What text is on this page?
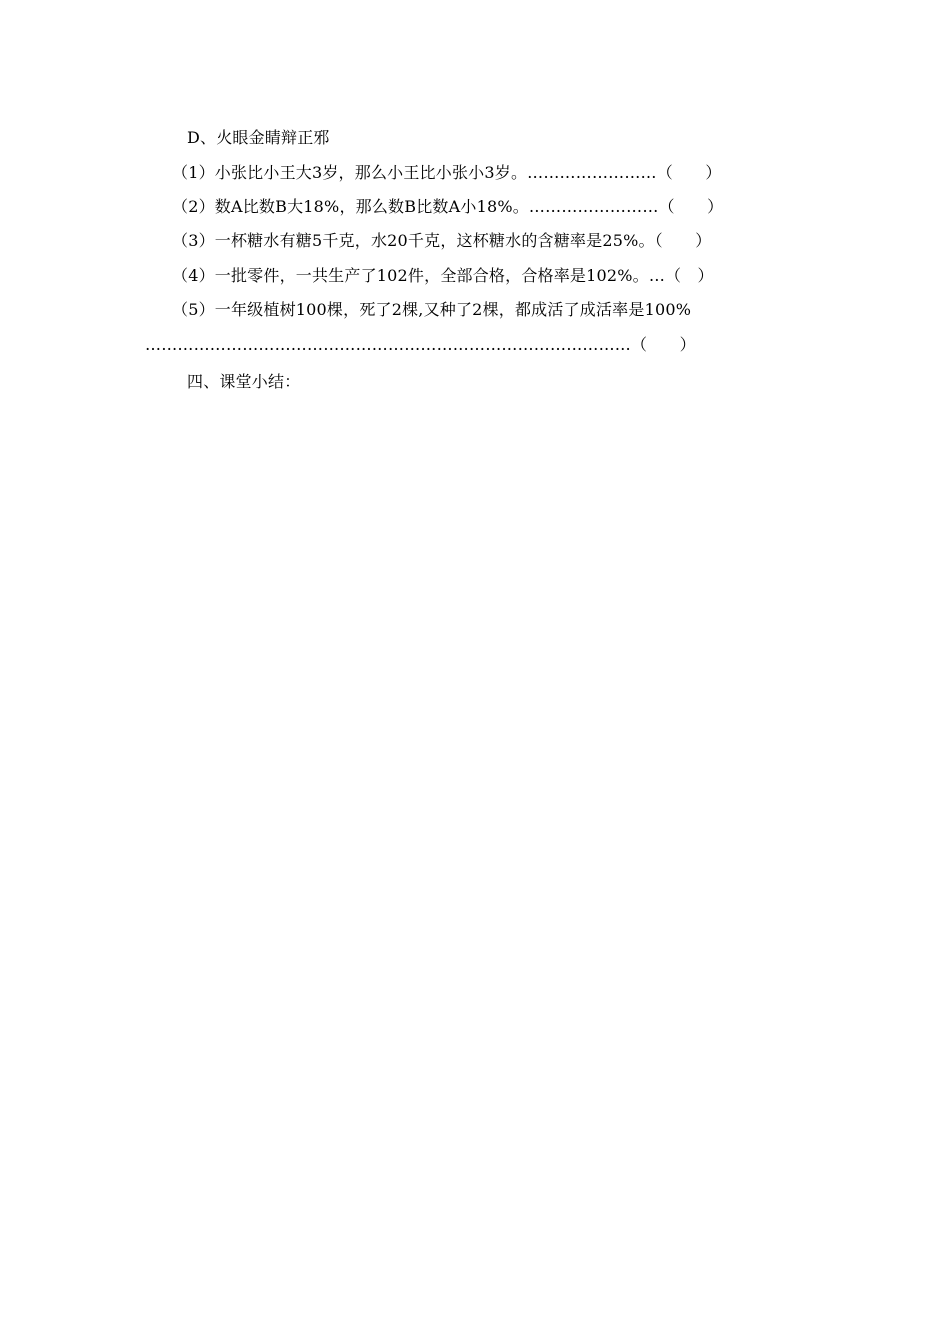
D、火眼金睛辩正邪
（1）小张比小王大3岁，那么小王比小张小3岁。……………………（　　）
（2）数A比数B大18%，那么数B比数A小18%。……………………（　　）
（3）一杯糖水有糖5千克，水20千克，这杯糖水的含糖率是25%。（　　）
（4）一批零件，一共生产了102件，全部合格，合格率是102%。…（　）
（5）一年级植树100棵，死了2棵,又种了2棵，都成活了成活率是100%
………………………………………………………………………………（　　）
四、课堂小结：
